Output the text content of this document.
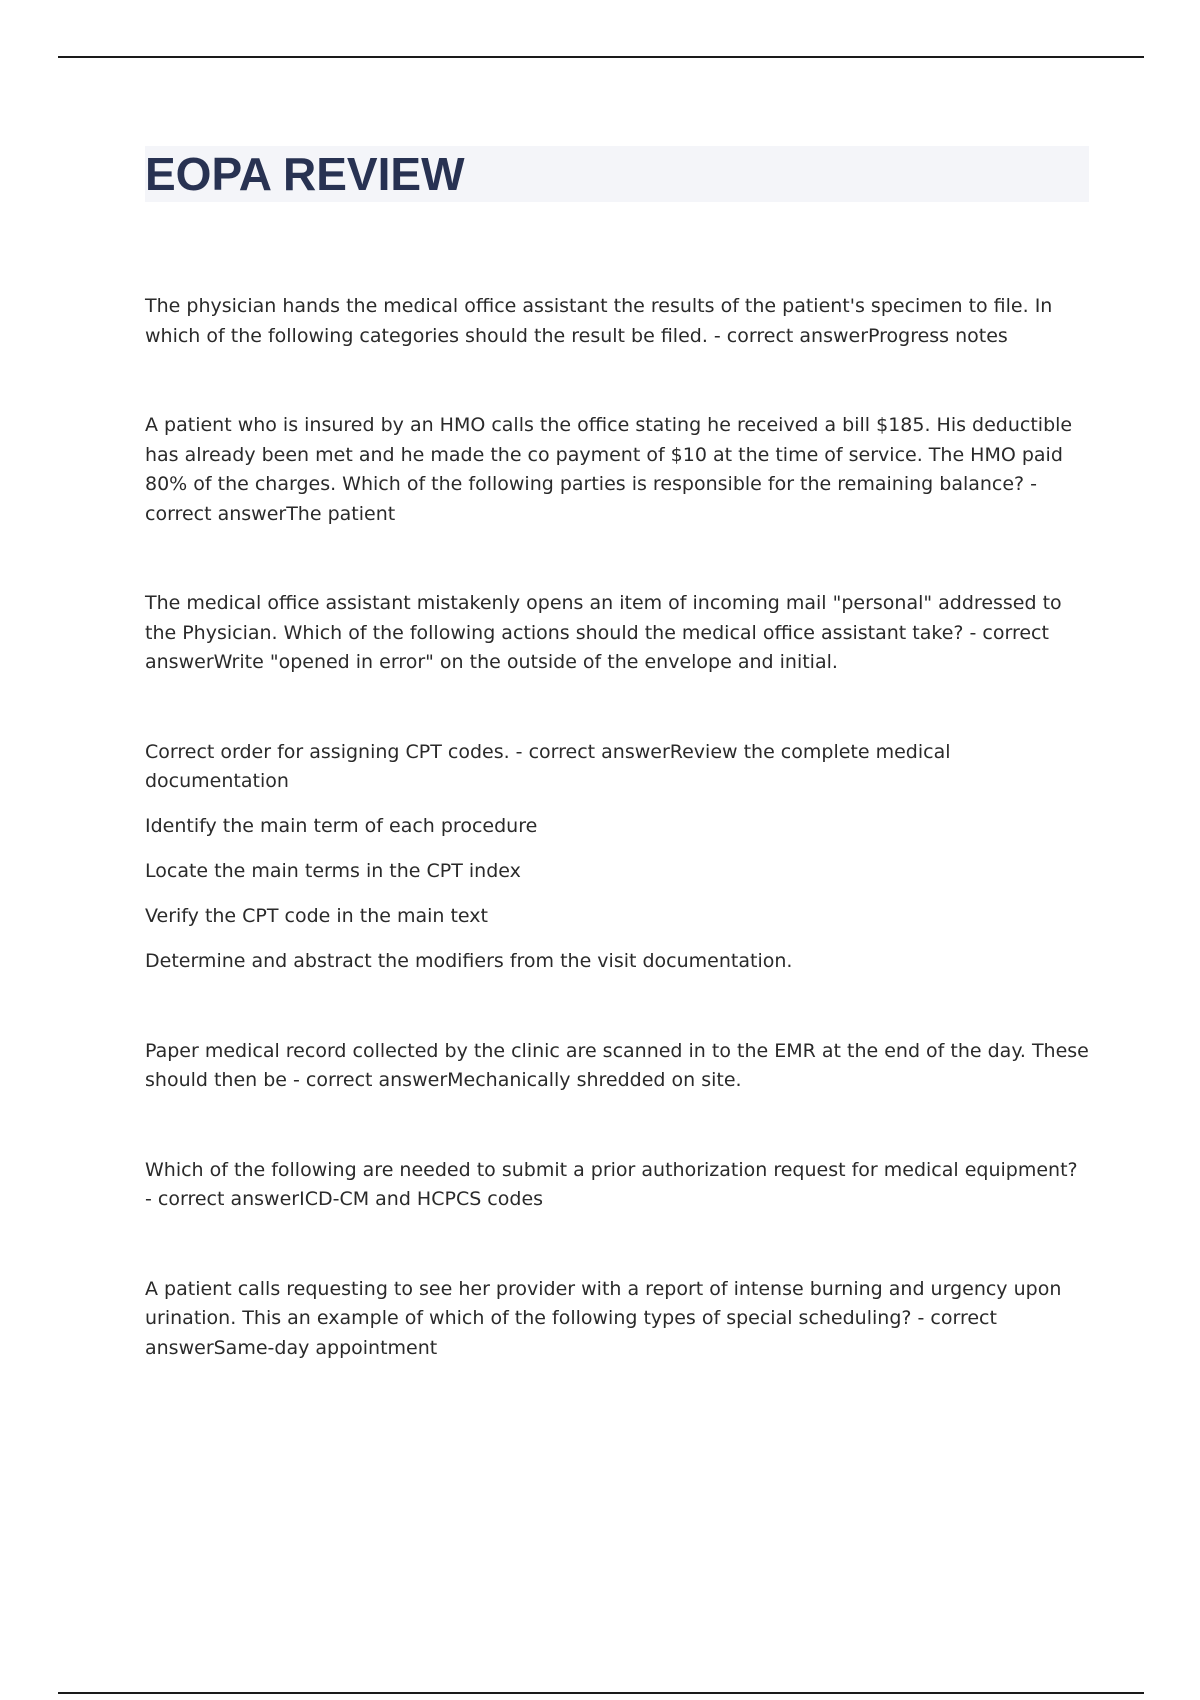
EOPA REVIEW

The physician hands the medical office assistant the results of the patient's specimen to file. In which of the following categories should the result be filed. - correct answerProgress notes

A patient who is insured by an HMO calls the office stating he received a bill $185. His deductible has already been met and he made the co payment of $10 at the time of service. The HMO paid 80% of the charges. Which of the following parties is responsible for the remaining balance? - correct answerThe patient

The medical office assistant mistakenly opens an item of incoming mail "personal" addressed to the Physician. Which of the following actions should the medical office assistant take? - correct answerWrite "opened in error" on the outside of the envelope and initial.

Correct order for assigning CPT codes. - correct answerReview the complete medical documentation
Identify the main term of each procedure
Locate the main terms in the CPT index
Verify the CPT code in the main text
Determine and abstract the modifiers from the visit documentation.

Paper medical record collected by the clinic are scanned in to the EMR at the end of the day. These should then be - correct answerMechanically shredded on site.

Which of the following are needed to submit a prior authorization request for medical equipment? - correct answerICD-CM and HCPCS codes

A patient calls requesting to see her provider with a report of intense burning and urgency upon urination. This an example of which of the following types of special scheduling? - correct answerSame-day appointment
